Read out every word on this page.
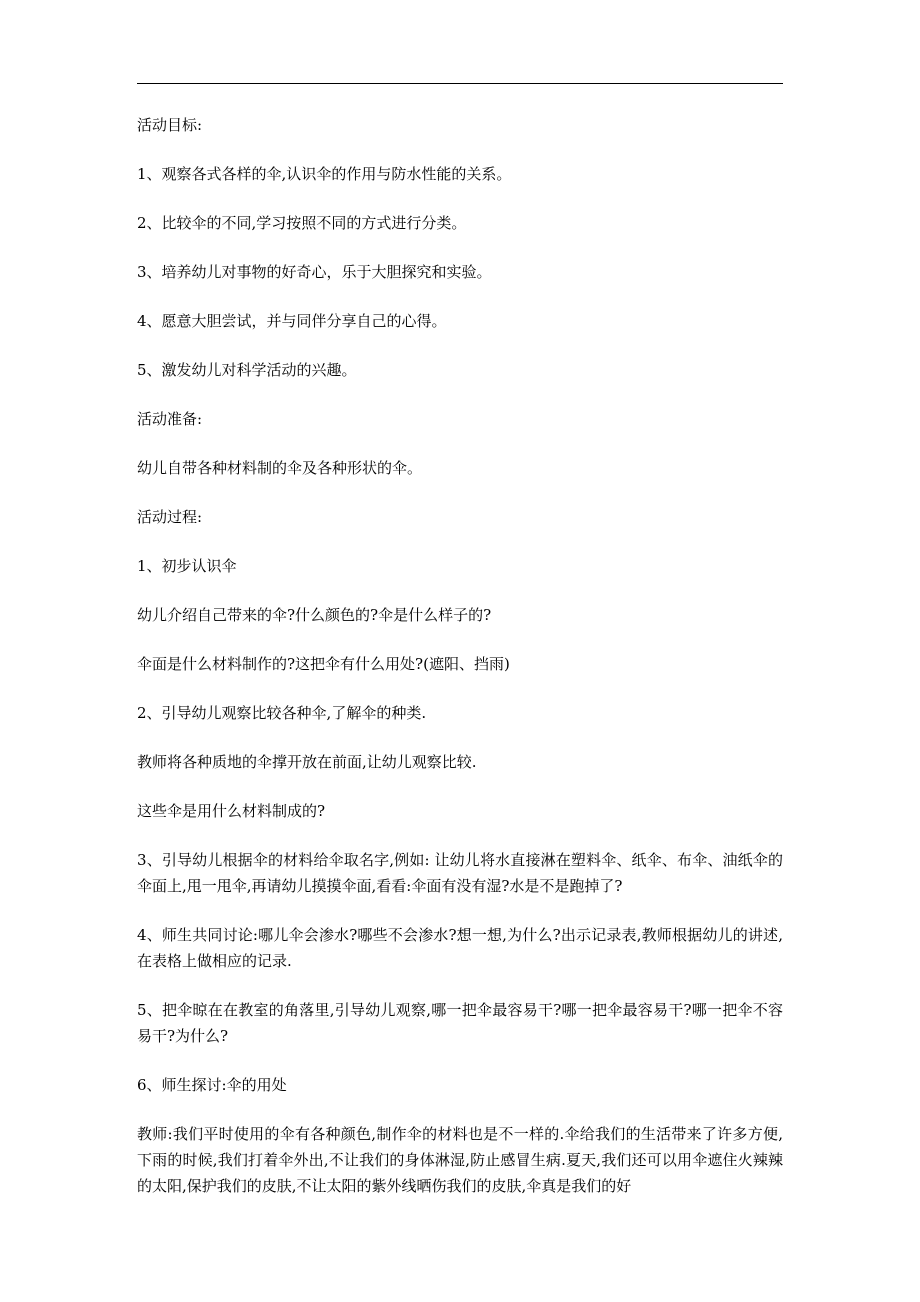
活动目标:

1、观察各式各样的伞,认识伞的作用与防水性能的关系。

2、比较伞的不同,学习按照不同的方式进行分类。

3、培养幼儿对事物的好奇心，乐于大胆探究和实验。

4、愿意大胆尝试，并与同伴分享自己的心得。

5、激发幼儿对科学活动的兴趣。

活动准备:

幼儿自带各种材料制的伞及各种形状的伞。

活动过程:

1、初步认识伞

幼儿介绍自己带来的伞?什么颜色的?伞是什么样子的?

伞面是什么材料制作的?这把伞有什么用处?(遮阳、挡雨)

2、引导幼儿观察比较各种伞,了解伞的种类.

教师将各种质地的伞撑开放在前面,让幼儿观察比较.

这些伞是用什么材料制成的?

3、引导幼儿根据伞的材料给伞取名字,例如: 让幼儿将水直接淋在塑料伞、纸伞、布伞、油纸伞的伞面上,甩一甩伞,再请幼儿摸摸伞面,看看:伞面有没有湿?水是不是跑掉了?

4、师生共同讨论:哪儿伞会渗水?哪些不会渗水?想一想,为什么?出示记录表,教师根据幼儿的讲述,在表格上做相应的记录.

5、把伞晾在在教室的角落里,引导幼儿观察,哪一把伞最容易干?哪一把伞最容易干?哪一把伞不容易干?为什么?

6、师生探讨:伞的用处

教师:我们平时使用的伞有各种颜色,制作伞的材料也是不一样的.伞给我们的生活带来了许多方便,下雨的时候,我们打着伞外出,不让我们的身体淋湿,防止感冒生病.夏天,我们还可以用伞遮住火辣辣的太阳,保护我们的皮肤,不让太阳的紫外线晒伤我们的皮肤,伞真是我们的好
